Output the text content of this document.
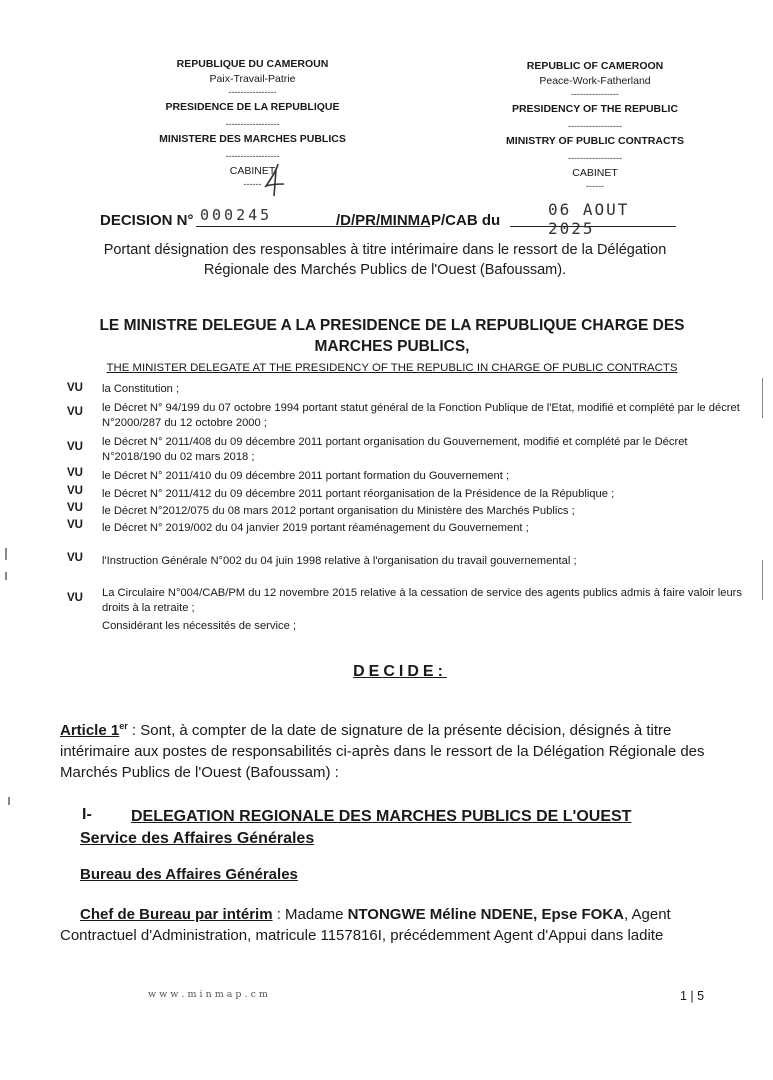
REPUBLIQUE DU CAMEROUN
Paix-Travail-Patrie
----------------
PRESIDENCE DE LA REPUBLIQUE
------------------
MINISTERE DES MARCHES PUBLICS
------------------
CABINET
------
REPUBLIC OF CAMEROON
Peace-Work-Fatherland
----------------
PRESIDENCY OF THE REPUBLIC
------------------
MINISTRY OF PUBLIC CONTRACTS
------------------
CABINET
------
DECISION N° 000245	/D/PR/MINMAP/CAB du
06 AOUT 2025
Portant désignation des responsables à titre intérimaire dans le ressort de la Délégation Régionale des Marchés Publics de l'Ouest (Bafoussam).
LE MINISTRE DELEGUE A LA PRESIDENCE DE LA REPUBLIQUE CHARGE DES MARCHES PUBLICS,
THE MINISTER DELEGATE AT THE PRESIDENCY OF THE REPUBLIC IN CHARGE OF PUBLIC CONTRACTS
VU la Constitution ;
VU le Décret N° 94/199 du 07 octobre 1994 portant statut général de la Fonction Publique de l'Etat, modifié et complété par le décret N°2000/287 du 12 octobre 2000 ;
VU le Décret N° 2011/408 du 09 décembre 2011 portant organisation du Gouvernement, modifié et complété par le Décret N°2018/190 du 02 mars 2018 ;
VU le Décret N° 2011/410 du 09 décembre 2011 portant formation du Gouvernement ;
VU le Décret N° 2011/412 du 09 décembre 2011 portant réorganisation de la Présidence de la République ;
VU le Décret N°2012/075 du 08 mars 2012 portant organisation du Ministère des Marchés Publics ;
VU le Décret N° 2019/002 du 04 janvier 2019 portant réaménagement du Gouvernement ;
VU l'Instruction Générale N°002 du 04 juin 1998 relative à l'organisation du travail gouvernemental ;
VU La Circulaire N°004/CAB/PM du 12 novembre 2015 relative à la cessation de service des agents publics admis à faire valoir leurs droits à la retraite ;
Considérant les nécessités de service ;
DECIDE:
Article 1er : Sont, à compter de la date de signature de la présente décision, désignés à titre intérimaire aux postes de responsabilités ci-après dans le ressort de la Délégation Régionale des Marchés Publics de l'Ouest (Bafoussam) :
I- DELEGATION REGIONALE DES MARCHES PUBLICS DE L'OUEST
Service des Affaires Générales
Bureau des Affaires Générales
Chef de Bureau par intérim : Madame NTONGWE Méline NDENE, Epse FOKA, Agent Contractuel d'Administration, matricule 1157816I, précédemment Agent d'Appui dans ladite
w w w . m i n m a p . c m	1 | 5
